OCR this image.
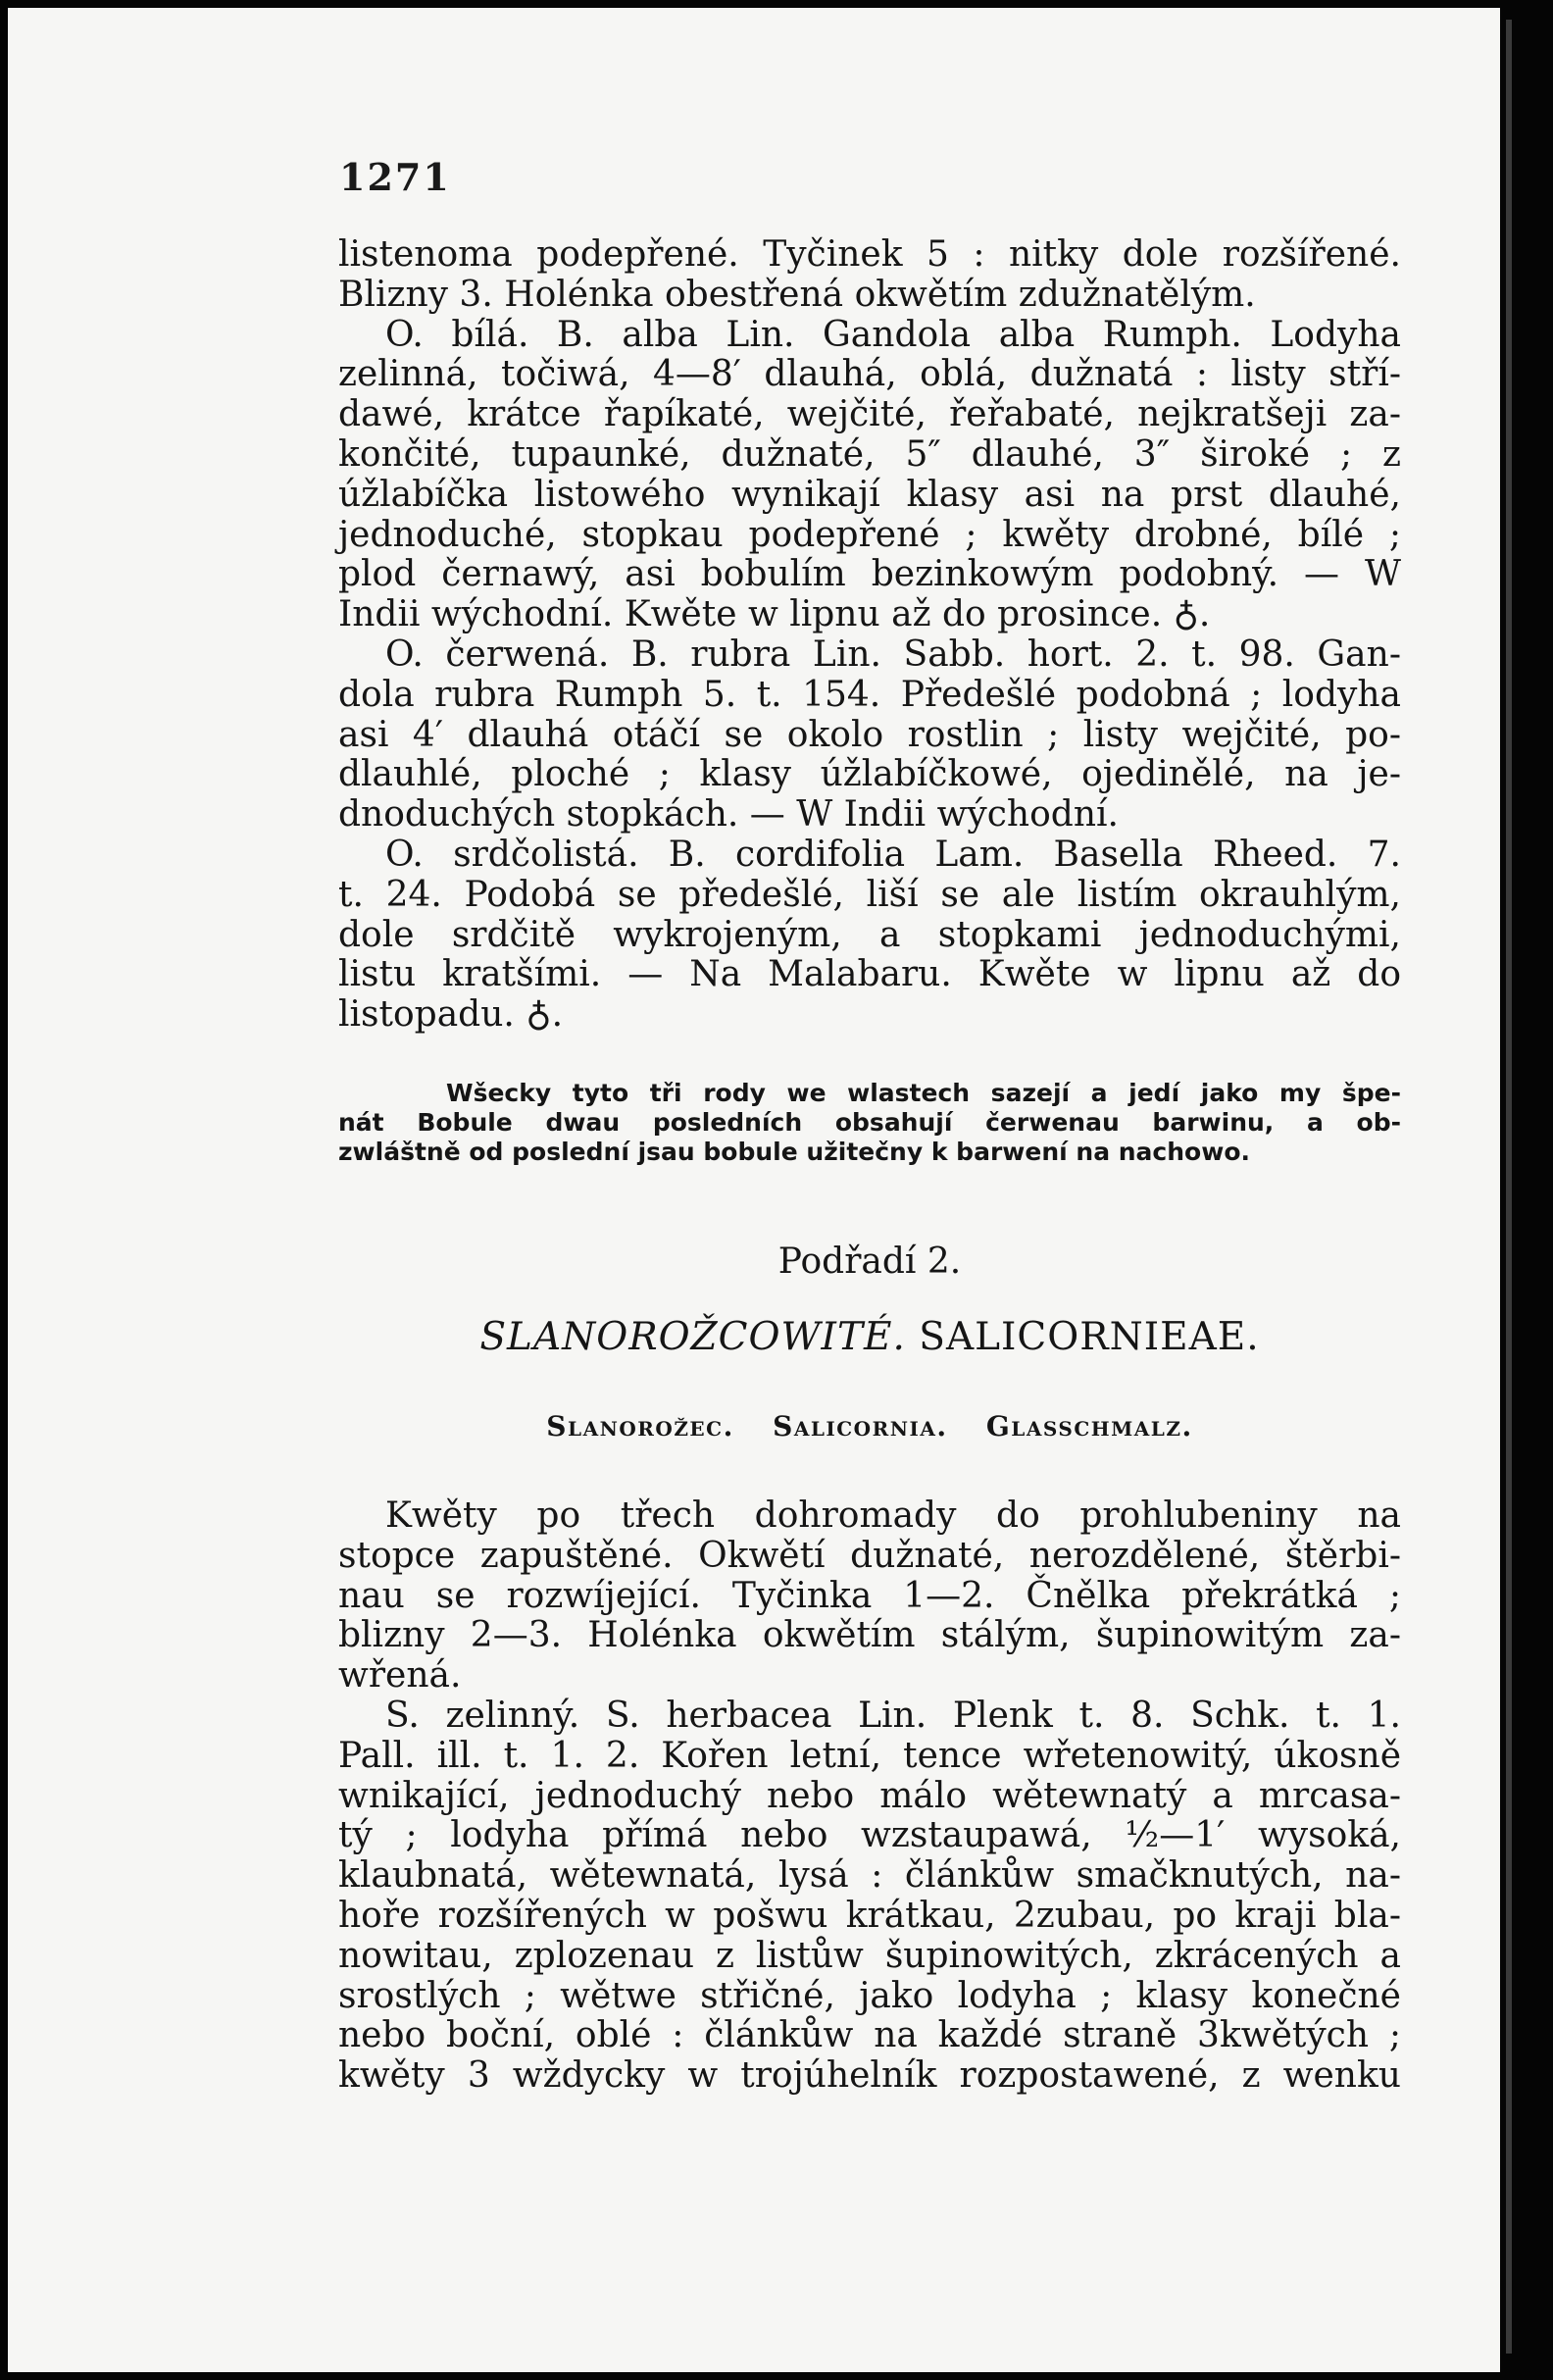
1271

listenoma podepřené. Tyčinek 5 : nitky dole rozšířené.

Blizny 3. Holénka obestřená okwětím zdužnatělým.

O. bílá. B. alba Lin. Gandola alba Rumph. Lodyha

zelinná, točiwá, 4—8′ dlauhá, oblá, dužnatá : listy stří-

dawé, krátce řapíkaté, wejčité, řeřabaté, nejkratšeji za-

končité, tupaunké, dužnaté, 5″ dlauhé, 3″ široké ; z

úžlabíčka listowého wynikají klasy asi na prst dlauhé,

jednoduché, stopkau podepřené ; kwěty drobné, bílé ;

plod černawý, asi bobulím bezinkowým podobný. — W

Indii wýchodní. Kwěte w lipnu až do prosince. ♁.

O. čerwená. B. rubra Lin. Sabb. hort. 2. t. 98. Gan-

dola rubra Rumph 5. t. 154. Předešlé podobná ; lodyha

asi 4′ dlauhá otáčí se okolo rostlin ; listy wejčité, po-

dlauhlé, ploché ; klasy úžlabíčkowé, ojedinělé, na je-

dnoduchých stopkách. — W Indii wýchodní.

O. srdčolistá. B. cordifolia Lam. Basella Rheed. 7.

t. 24. Podobá se předešlé, liší se ale listím okrauhlým,

dole srdčitě wykrojeným, a stopkami jednoduchými,

listu kratšími. — Na Malabaru. Kwěte w lipnu až do

listopadu. ♁.

Wšecky tyto tři rody we wlastech sazejí a jedí jako my špe-

nát Bobule dwau posledních obsahují čerwenau barwinu, a ob-

zwláštně od poslední jsau bobule užitečny k barwení na nachowo.

Podřadí 2.
SLANOROŽCOWITÉ. SALICORNIEAE.
Slanorožec. Salicornia. Glasschmalz.

Kwěty po třech dohromady do prohlubeniny na

stopce zapuštěné. Okwětí dužnaté, nerozdělené, štěrbi-

nau se rozwíjející. Tyčinka 1—2. Čnělka překrátká ;

blizny 2—3. Holénka okwětím stálým, šupinowitým za-

wřená.

S. zelinný. S. herbacea Lin. Plenk t. 8. Schk. t. 1.

Pall. ill. t. 1. 2. Kořen letní, tence wřetenowitý, úkosně

wnikající, jednoduchý nebo málo wětewnatý a mrcasa-

tý ; lodyha přímá nebo wzstaupawá, ½—1′ wysoká,

klaubnatá, wětewnatá, lysá : článkůw smačknutých, na-

hoře rozšířených w pošwu krátkau, 2zubau, po kraji bla-

nowitau, zplozenau z listůw šupinowitých, zkrácených a

srostlých ; wětwe střičné, jako lodyha ; klasy konečné

nebo boční, oblé : článkůw na každé straně 3kwětých ;

kwěty 3 wždycky w trojúhelník rozpostawené, z wenku
